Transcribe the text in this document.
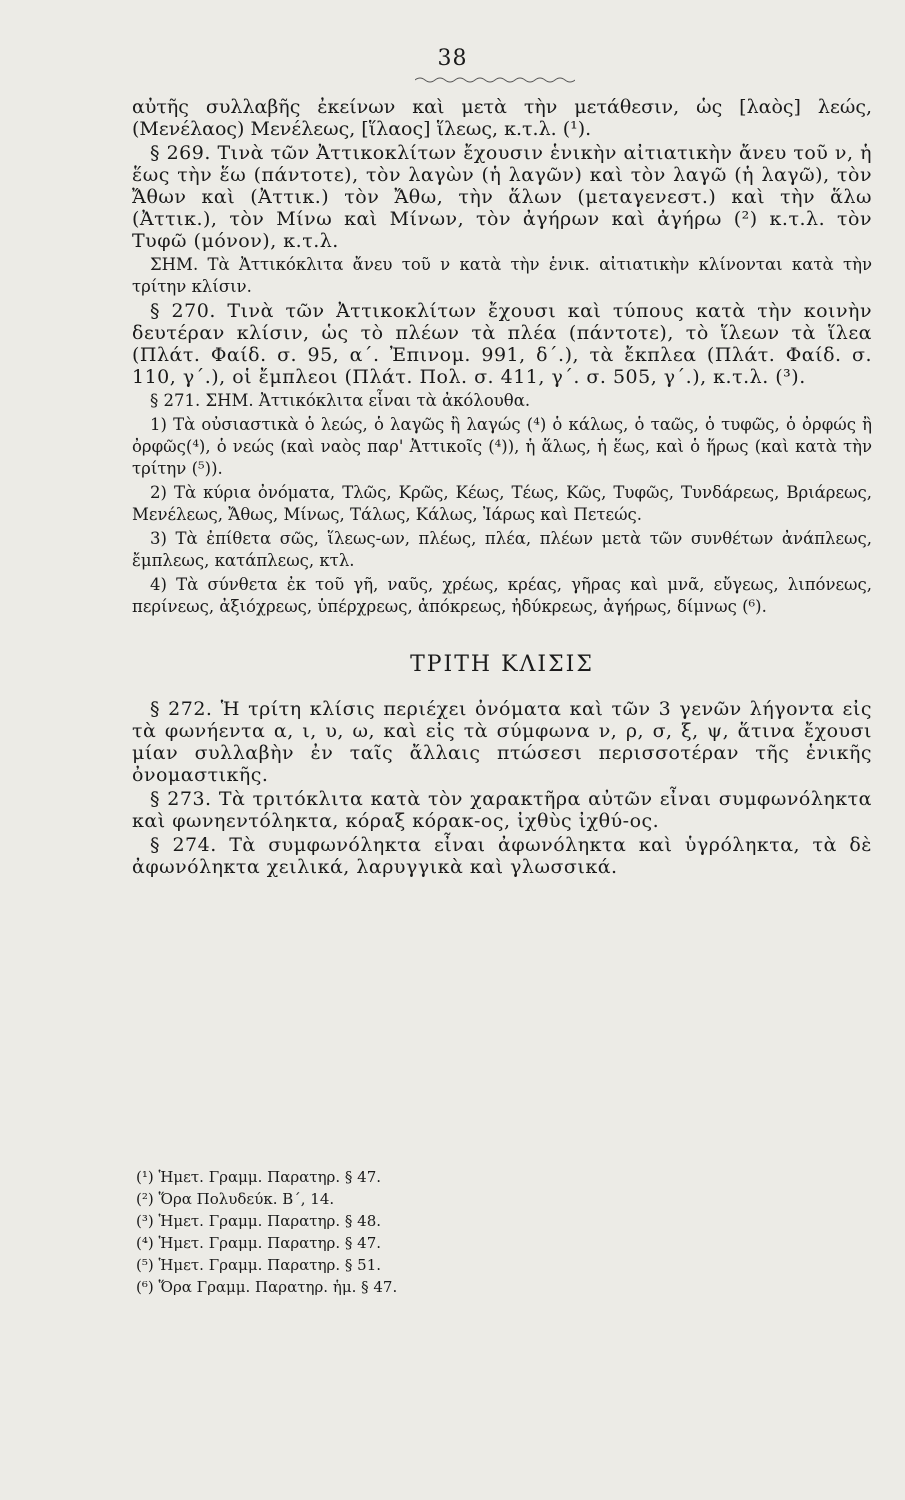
38

αὐτῆς συλλαβῆς ἐκείνων καὶ μετὰ τὴν μετάθεσιν, ὡς [λαὸς] λεώς, (Μενέλαος) Μενέλεως, [ἵλαος] ἵλεως, κ.τ.λ. (¹).

§ 269. Τινὰ τῶν Ἀττικοκλίτων ἔχουσιν ἑνικὴν αἰτιατικὴν ἄνευ τοῦ ν, ἡ ἕως τὴν ἕω (πάντοτε), τὸν λαγὼν (ἡ λαγῶν) καὶ τὸν λαγῶ (ἡ λαγῶ), τὸν Ἄθων καὶ (Ἀττικ.) τὸν Ἄθω, τὴν ἅλων (μεταγενεστ.) καὶ τὴν ἅλω (Ἀττικ.), τὸν Μίνω καὶ Μίνων, τὸν ἀγήρων καὶ ἀγήρω (²) κ.τ.λ. τὸν Τυφῶ (μόνον), κ.τ.λ.

ΣΗΜ. Τὰ Ἀττικόκλιτα ἄνευ τοῦ ν κατὰ τὴν ἑνικ. αἰτιατικὴν κλίνονται κατὰ τὴν τρίτην κλίσιν.

§ 270. Τινὰ τῶν Ἀττικοκλίτων ἔχουσι καὶ τύπους κατὰ τὴν κοινὴν δευτέραν κλίσιν, ὡς τὸ πλέων τὰ πλέα (πάντοτε), τὸ ἵλεων τὰ ἵλεα (Πλάτ. Φαίδ. σ. 95, α΄. Ἐπινομ. 991, δ΄.), τὰ ἔκπλεα (Πλάτ. Φαίδ. σ. 110, γ΄.), οἱ ἔμπλεοι (Πλάτ. Πολ. σ. 411, γ΄. σ. 505, γ΄.), κ.τ.λ. (³).

§ 271. ΣΗΜ. Ἀττικόκλιτα εἶναι τὰ ἀκόλουθα.

1) Τὰ οὐσιαστικὰ ὁ λεώς, ὁ λαγῶς ἢ λαγώς (⁴) ὁ κάλως, ὁ ταῶς, ὁ τυφῶς, ὁ ὀρφώς ἢ ὀρφῶς(⁴), ὁ νεώς (καὶ ναὸς παρ' Ἀττικοῖς (⁴)), ἡ ἅλως, ἡ ἕως, καὶ ὁ ἥρως (καὶ κατὰ τὴν τρίτην (⁵)).

2) Τὰ κύρια ὀνόματα, Τλῶς, Κρῶς, Κέως, Τέως, Κῶς, Τυφῶς, Τυνδάρεως, Βριάρεως, Μενέλεως, Ἄθως, Μίνως, Τάλως, Κάλως, Ἰάρως καὶ Πετεώς.

3) Τὰ ἐπίθετα σῶς, ἵλεως-ων, πλέως, πλέα, πλέων μετὰ τῶν συνθέτων ἀνάπλεως, ἔμπλεως, κατάπλεως, κτλ.

4) Τὰ σύνθετα ἐκ τοῦ γῆ, ναῦς, χρέως, κρέας, γῆρας καὶ μνᾶ, εὔγεως, λιπόνεως, περίνεως, ἀξιόχρεως, ὑπέρχρεως, ἀπόκρεως, ἠδύκρεως, ἀγήρως, δίμνως (⁶).

ΤΡΙΤΗ ΚΛΙΣΙΣ

§ 272. Ἡ τρίτη κλίσις περιέχει ὀνόματα καὶ τῶν 3 γενῶν λήγοντα εἰς τὰ φωνήεντα α, ι, υ, ω, καὶ εἰς τὰ σύμφωνα ν, ρ, σ, ξ, ψ, ἅτινα ἔχουσι μίαν συλλαβὴν ἐν ταῖς ἄλλαις πτώσεσι περισσοτέραν τῆς ἑνικῆς ὀνομαστικῆς.

§ 273. Τὰ τριτόκλιτα κατὰ τὸν χαρακτῆρα αὐτῶν εἶναι συμφωνόληκτα καὶ φωνηεντόληκτα, κόραξ κόρακ-ος, ἰχθὺς ἰχθύ-ος.

§ 274. Τὰ συμφωνόληκτα εἶναι ἀφωνόληκτα καὶ ὑγρόληκτα, τὰ δὲ ἀφωνόληκτα χειλικά, λαρυγγικὰ καὶ γλωσσικά.

(¹) Ἡμετ. Γραμμ. Παρατηρ. § 47.
(²) Ὅρα Πολυδεύκ. Β΄, 14.
(³) Ἡμετ. Γραμμ. Παρατηρ. § 48.
(⁴) Ἡμετ. Γραμμ. Παρατηρ. § 47.
(⁵) Ἡμετ. Γραμμ. Παρατηρ. § 51.
(⁶) Ὅρα Γραμμ. Παρατηρ. ἡμ. § 47.
